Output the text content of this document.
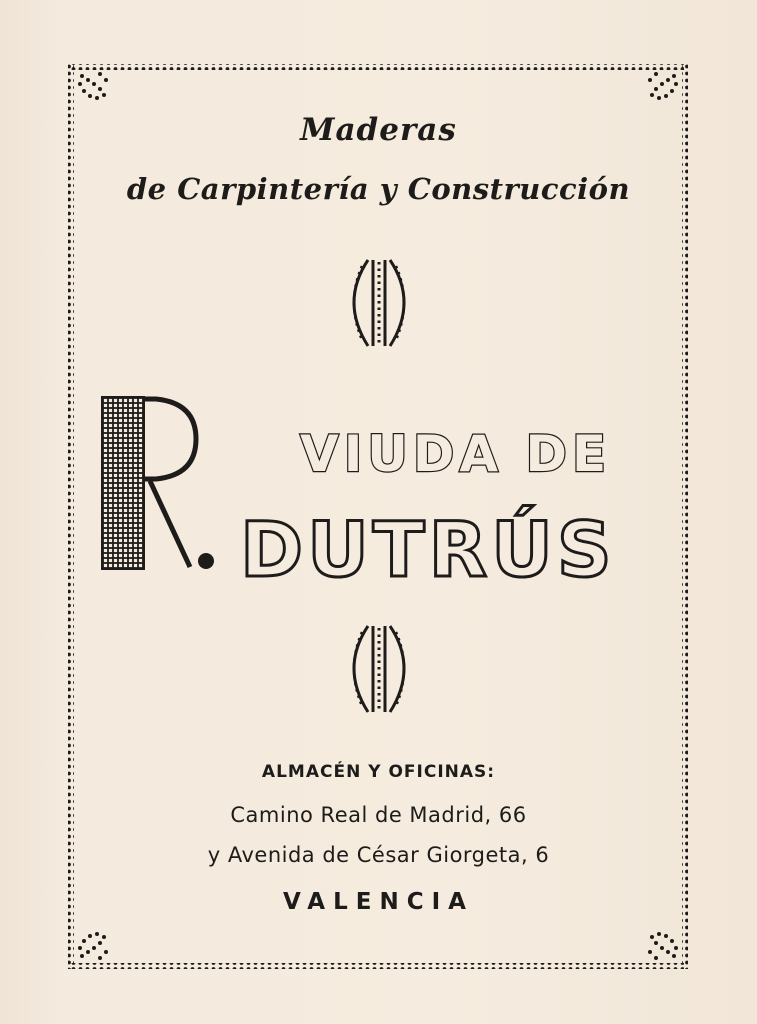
Maderas
de Carpintería y Construcción
VIUDA DE
DUTRÚS
ALMACÉN Y OFICINAS:
Camino Real de Madrid, 66
y Avenida de César Giorgeta, 6
VALENCIA
